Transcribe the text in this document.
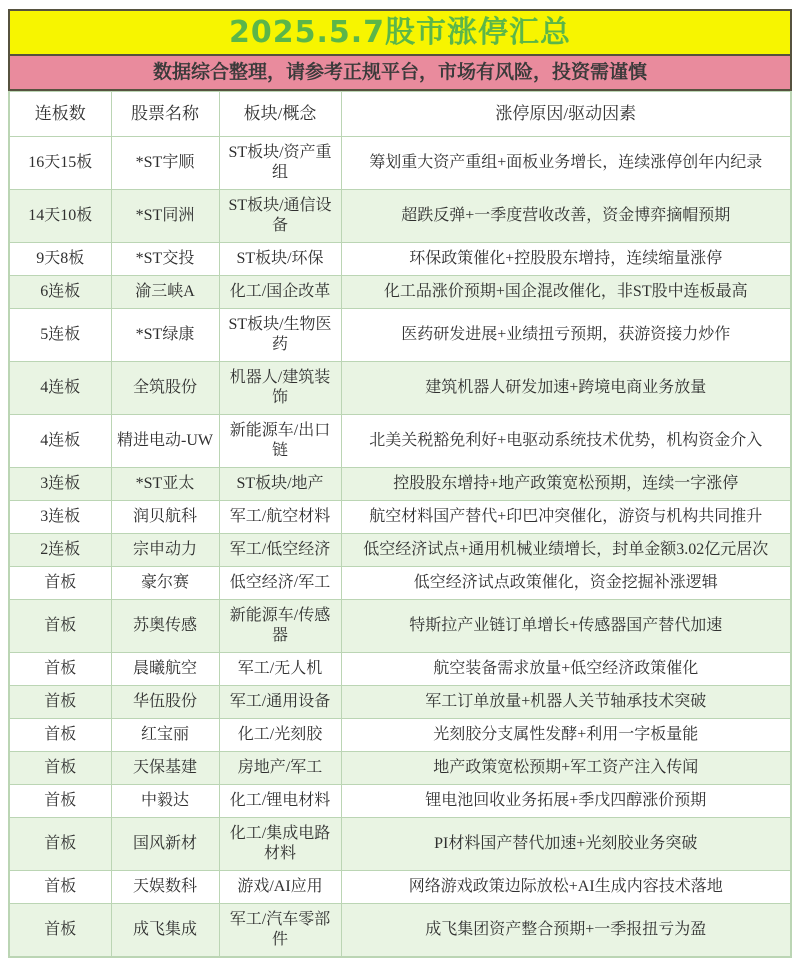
2025.5.7股市涨停汇总
数据综合整理，请参考正规平台，市场有风险，投资需谨慎
连板数	股票名称	板块/概念	涨停原因/驱动因素
16天15板	*ST宇顺	ST板块/资产重组	筹划重大资产重组+面板业务增长，连续涨停创年内纪录
14天10板	*ST同洲	ST板块/通信设备	超跌反弹+一季度营收改善，资金博弈摘帽预期
9天8板	*ST交投	ST板块/环保	环保政策催化+控股股东增持，连续缩量涨停
6连板	渝三峡A	化工/国企改革	化工品涨价预期+国企混改催化，非ST股中连板最高
5连板	*ST绿康	ST板块/生物医药	医药研发进展+业绩扭亏预期，获游资接力炒作
4连板	全筑股份	机器人/建筑装饰	建筑机器人研发加速+跨境电商业务放量
4连板	精进电动-UW	新能源车/出口链	北美关税豁免利好+电驱动系统技术优势，机构资金介入
3连板	*ST亚太	ST板块/地产	控股股东增持+地产政策宽松预期，连续一字涨停
3连板	润贝航科	军工/航空材料	航空材料国产替代+印巴冲突催化，游资与机构共同推升
2连板	宗申动力	军工/低空经济	低空经济试点+通用机械业绩增长，封单金额3.02亿元居次
首板	豪尔赛	低空经济/军工	低空经济试点政策催化，资金挖掘补涨逻辑
首板	苏奥传感	新能源车/传感器	特斯拉产业链订单增长+传感器国产替代加速
首板	晨曦航空	军工/无人机	航空装备需求放量+低空经济政策催化
首板	华伍股份	军工/通用设备	军工订单放量+机器人关节轴承技术突破
首板	红宝丽	化工/光刻胶	光刻胶分支属性发酵+利用一字板量能
首板	天保基建	房地产/军工	地产政策宽松预期+军工资产注入传闻
首板	中毅达	化工/锂电材料	锂电池回收业务拓展+季戊四醇涨价预期
首板	国风新材	化工/集成电路材料	PI材料国产替代加速+光刻胶业务突破
首板	天娱数科	游戏/AI应用	网络游戏政策边际放松+AI生成内容技术落地
首板	成飞集成	军工/汽车零部件	成飞集团资产整合预期+一季报扭亏为盈
